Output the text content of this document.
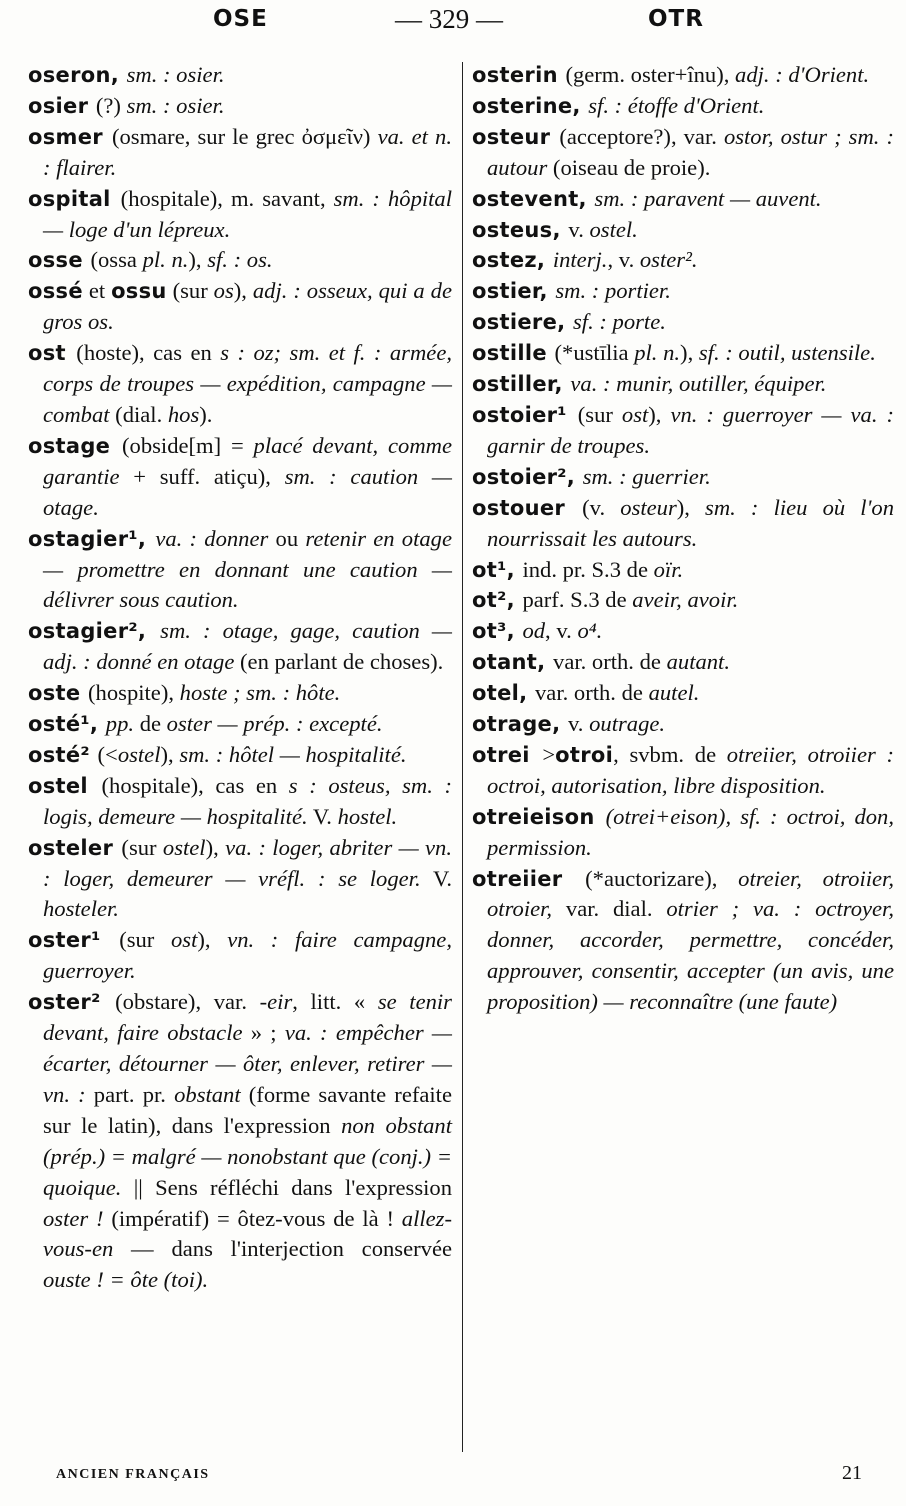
OSE	— 329 —	OTR
oseron, sm. : osier.
osier (?) sm. : osier.
osmer (osmare, sur le grec ὀσμεῖν) va. et n. : flairer.
ospital (hospitale), m. savant, sm. : hôpital — loge d'un lépreux.
osse (ossa pl. n.), sf. : os.
ossé et ossu (sur os), adj. : osseux, qui a de gros os.
ost (hoste), cas en s : oz; sm. et f. : armée, corps de troupes — expédition, campagne — combat (dial. hos).
ostage (obside[m] = placé devant, comme garantie + suff. atiçu), sm. : caution — otage.
ostagier¹, va. : donner ou retenir en otage — promettre en donnant une caution — délivrer sous caution.
ostagier², sm. : otage, gage, caution — adj. : donné en otage (en parlant de choses).
oste (hospite), hoste ; sm. : hôte.
osté¹, pp. de oster — prép. : excepté.
osté² (<ostel), sm. : hôtel — hospitalité.
ostel (hospitale), cas en s : osteus, sm. : logis, demeure — hospitalité. V. hostel.
osteler (sur ostel), va. : loger, abriter — vn. : loger, demeurer — vréfl. : se loger. V. hosteler.
oster¹ (sur ost), vn. : faire campagne, guerroyer.
oster² (obstare), var. -eir, litt. « se tenir devant, faire obstacle » ; va. : empêcher — écarter, détourner — ôter, enlever, retirer — vn. : part. pr. obstant (forme savante refaite sur le latin), dans l'expression non obstant (prép.) = malgré — nonobstant que (conj.) = quoique. || Sens réfléchi dans l'expression oster ! (impératif) = ôtez-vous de là ! allez-vous-en — dans l'interjection conservée ouste ! = ôte (toi).
osterin (germ. oster+înu), adj. : d'Orient.
osterine, sf. : étoffe d'Orient.
osteur (acceptore?), var. ostor, ostur ; sm. : autour (oiseau de proie).
ostevent, sm. : paravent — auvent.
osteus, v. ostel.
ostez, interj., v. oster².
ostier, sm. : portier.
ostiere, sf. : porte.
ostille (*ustīlia pl. n.), sf. : outil, ustensile.
ostiller, va. : munir, outiller, équiper.
ostoier¹ (sur ost), vn. : guerroyer — va. : garnir de troupes.
ostoier², sm. : guerrier.
ostouer (v. osteur), sm. : lieu où l'on nourrissait les autours.
ot¹, ind. pr. S.3 de oïr.
ot², parf. S.3 de aveir, avoir.
ot³, od, v. o⁴.
otant, var. orth. de autant.
otel, var. orth. de autel.
otrage, v. outrage.
otrei >otroi, svbm. de otreiier, otroiier : octroi, autorisation, libre disposition.
otreieison (otrei+eison), sf. : octroi, don, permission.
otreiier (*auctorizare), otreier, otroiier, otroier, var. dial. otrier ; va. : octroyer, donner, accorder, permettre, concéder, approuver, consentir, accepter (un avis, une proposition) — reconnaître (une faute)
ANCIEN FRANÇAIS	21
